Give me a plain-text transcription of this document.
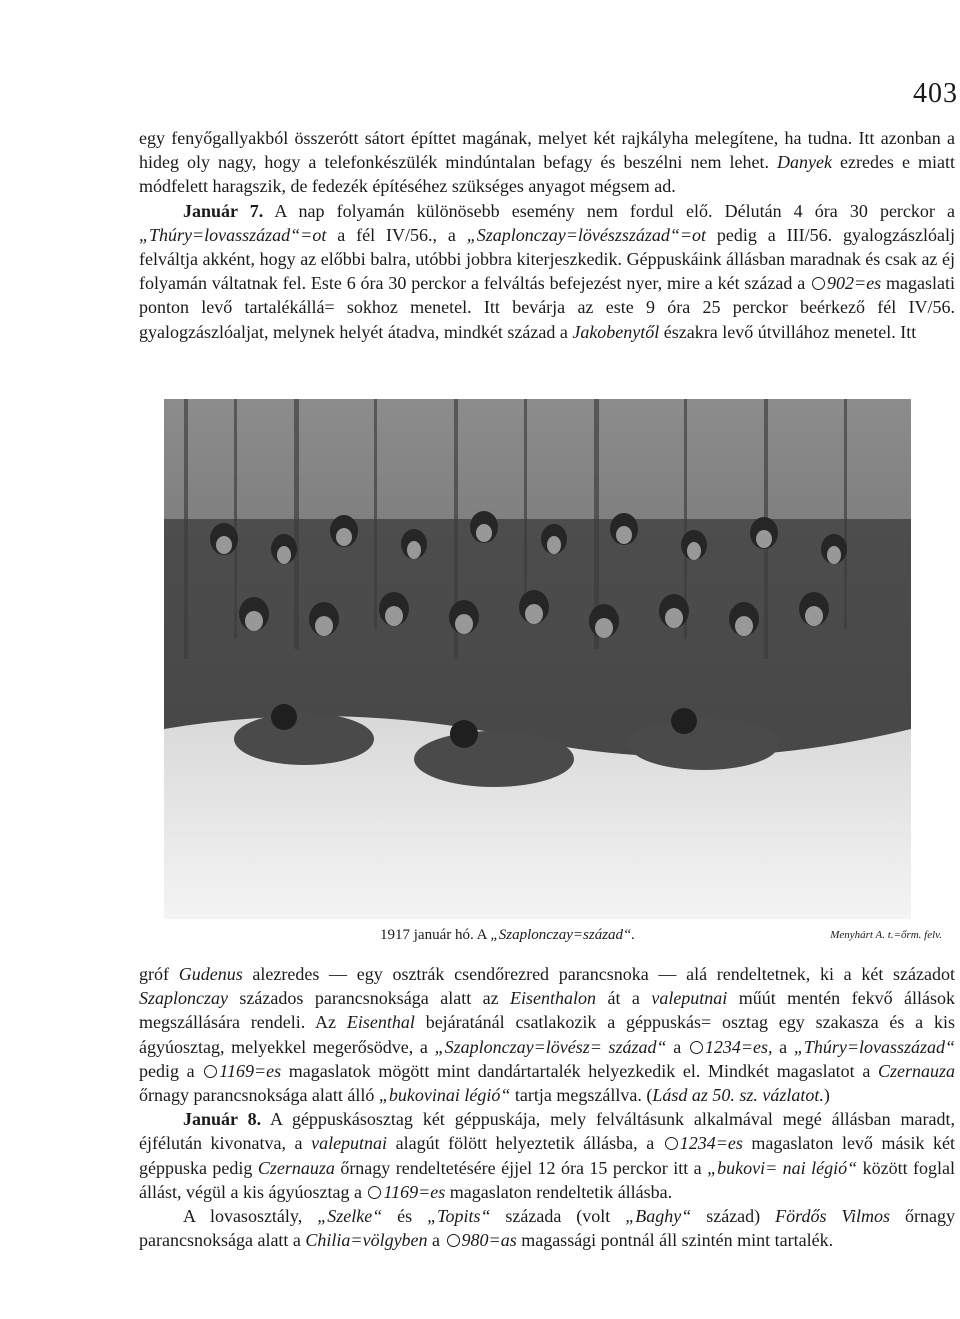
403

egy fenyőgallyakból összerótt sátort építtet magának, melyet két rajkályha melegítene, ha tudna. Itt azonban a hideg oly nagy, hogy a telefonkészülék mindúntalan befagy és beszélni nem lehet. Danyek ezredes e miatt módfelett haragszik, de fedezék építéséhez szükséges anyagot mégsem ad.

Január 7. A nap folyamán különösebb esemény nem fordul elő. Délután 4 óra 30 perckor a „Thúry=lovasszázad“=ot a fél IV/56., a „Szaplonczay=lövészszázad“=ot pedig a III/56. gyalogzászlóalj felváltja akként, hogy az előbbi balra, utóbbi jobbra kiterjeszkedik. Géppuskáink állásban maradnak és csak az éj folyamán váltatnak fel. Este 6 óra 30 perckor a felváltás befejezést nyer, mire a két század a 902=es magaslati ponton levő tartalékállá= sokhoz menetel. Itt bevárja az este 9 óra 25 perckor beérkező fél IV/56. gyalogzászlóaljat, melynek helyét átadva, mindkét század a Jakobenytől északra levő útvillához menetel. Itt

1917 január hó. A „Szaplonczay=század“.	Menyhárt A. t.=őrm. felv.

gróf Gudenus alezredes — egy osztrák csendőrezred parancsnoka — alá rendeltetnek, ki a két századot Szaplonczay százados parancsnoksága alatt az Eisenthalon át a valeputnai műút mentén fekvő állások megszállására rendeli. Az Eisenthal bejáratánál csatlakozik a géppuskás= osztag egy szakasza és a kis ágyúosztag, melyekkel megerősödve, a „Szaplonczay=lövész= század“ a 1234=es, a „Thúry=lovasszázad“ pedig a 1169=es magaslatok mögött mint dandártartalék helyezkedik el. Mindkét magaslatot a Czernauza őrnagy parancsnoksága alatt álló „bukovinai légió“ tartja megszállva. (Lásd az 50. sz. vázlatot.)

Január 8. A géppuskásosztag két géppuskája, mely felváltásunk alkalmával megé állásban maradt, éjfélután kivonatva, a valeputnai alagút fölött helyeztetik állásba, a 1234=es magaslaton levő másik két géppuska pedig Czernauza őrnagy rendeltetésére éjjel 12 óra 15 perckor itt a „bukovi= nai légió“ között foglal állást, végül a kis ágyúosztag a 1169=es magaslaton rendeltetik állásba.

A lovasosztály, „Szelke“ és „Topits“ százada (volt „Baghy“ század) Fördős Vilmos őrnagy parancsnoksága alatt a Chilia=völgyben a 980=as magassági pontnál áll szintén mint tartalék.
